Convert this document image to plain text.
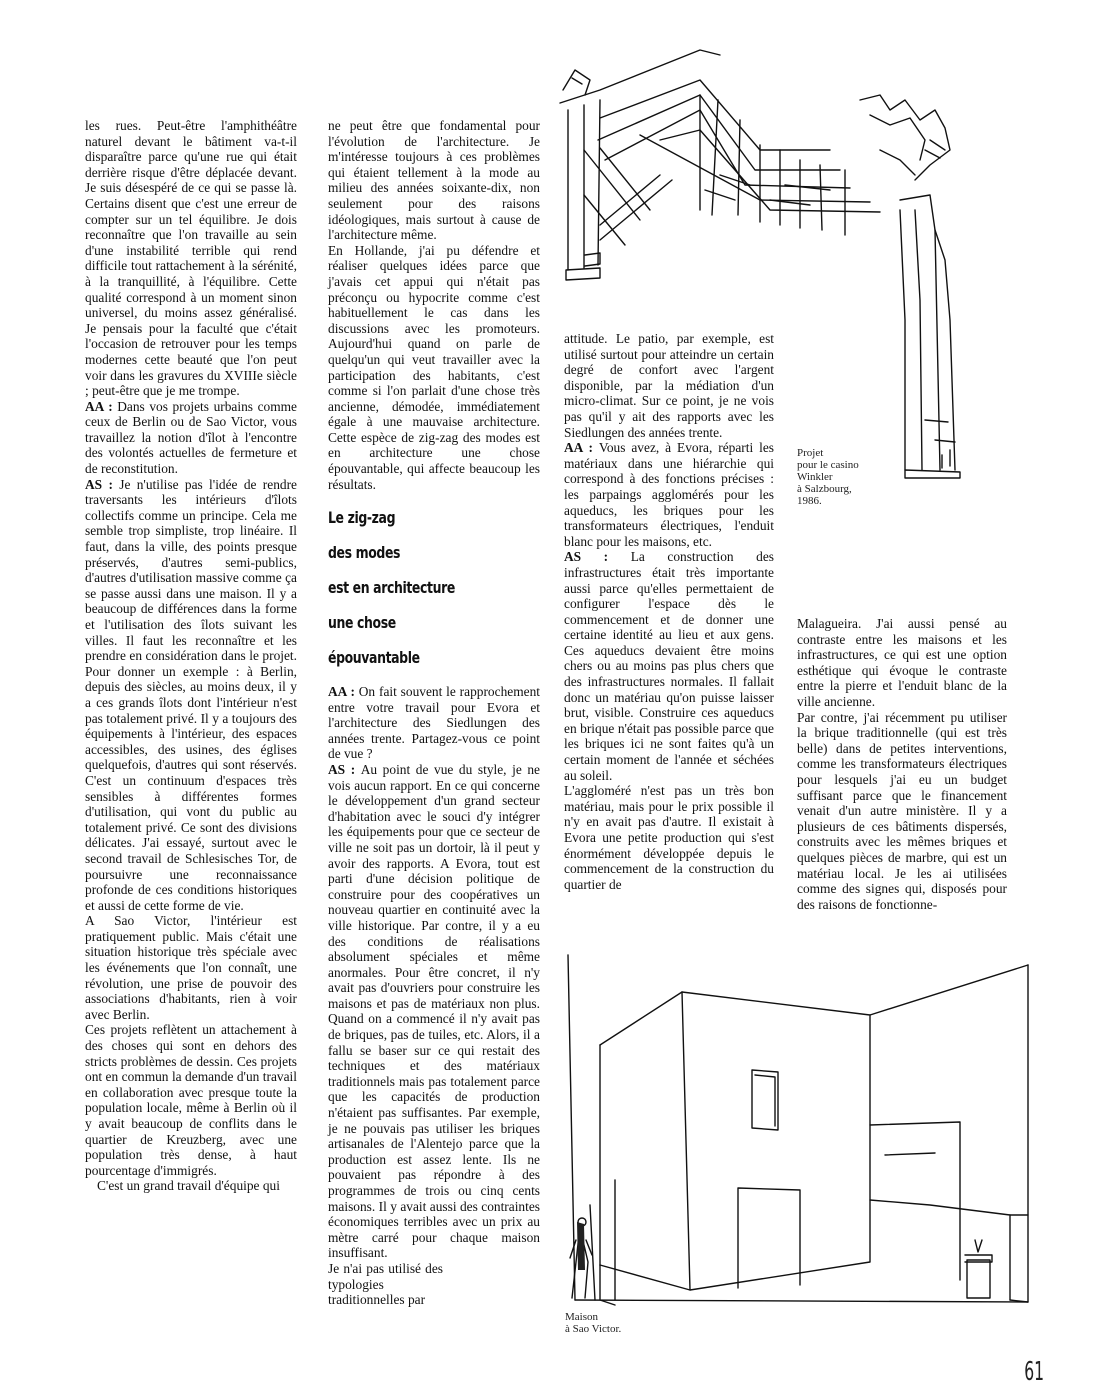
les rues. Peut-être l'amphithéâtre naturel devant le bâtiment va-t-il disparaître parce qu'une rue qui était derrière risque d'être déplacée devant. Je suis désespéré de ce qui se passe là. Certains disent que c'est une erreur de compter sur un tel équilibre. Je dois reconnaître que l'on travaille au sein d'une instabilité terrible qui rend difficile tout rattachement à la sérénité, à la tranquillité, à l'équilibre. Cette qualité correspond à un moment sinon universel, du moins assez généralisé. Je pensais pour la faculté que c'était l'occasion de retrouver pour les temps modernes cette beauté que l'on peut voir dans les gravures du XVIIIe siècle ; peut-être que je me trompe.

AA : Dans vos projets urbains comme ceux de Berlin ou de Sao Victor, vous travaillez la notion d'îlot à l'encontre des volontés actuelles de fermeture et de reconstitution.

AS : Je n'utilise pas l'idée de rendre traversants les intérieurs d'îlots collectifs comme un principe. Cela me semble trop simpliste, trop linéaire. Il faut, dans la ville, des points presque préservés, d'autres semi-publics, d'autres d'utilisation massive comme ça se passe aussi dans une maison. Il y a beaucoup de différences dans la forme et l'utilisation des îlots suivant les villes. Il faut les reconnaître et les prendre en considération dans le projet. Pour donner un exemple : à Berlin, depuis des siècles, au moins deux, il y a ces grands îlots dont l'intérieur n'est pas totalement privé. Il y a toujours des équipements à l'intérieur, des espaces accessibles, des usines, des églises quelquefois, d'autres qui sont réservés. C'est un continuum d'espaces très sensibles à différentes formes d'utilisation, qui vont du public au totalement privé. Ce sont des divisions délicates. J'ai essayé, surtout avec le second travail de Schlesisches Tor, de poursuivre une reconnaissance profonde de ces conditions historiques et aussi de cette forme de vie.

A Sao Victor, l'intérieur est pratiquement public. Mais c'était une situation historique très spéciale avec les événements que l'on connaît, une révolution, une prise de pouvoir des associations d'habitants, rien à voir avec Berlin.

Ces projets reflètent un attachement à des choses qui sont en dehors des stricts problèmes de dessin. Ces projets ont en commun la demande d'un travail en collaboration avec presque toute la population locale, même à Berlin où il y avait beaucoup de conflits dans le quartier de Kreuzberg, avec une population très dense, à haut pourcentage d'immigrés.

C'est un grand travail d'équipe qui

ne peut être que fondamental pour l'évolution de l'architecture. Je m'intéresse toujours à ces problèmes qui étaient tellement à la mode au milieu des années soixante-dix, non seulement pour des raisons idéologiques, mais surtout à cause de l'architecture même.

En Hollande, j'ai pu défendre et réaliser quelques idées parce que j'avais cet appui qui n'était pas préconçu ou hypocrite comme c'est habituellement le cas dans les discussions avec les promoteurs. Aujourd'hui quand on parle de quelqu'un qui veut travailler avec la participation des habitants, c'est comme si l'on parlait d'une chose très ancienne, démodée, immédiatement égale à une mauvaise architecture. Cette espèce de zig-zag des modes est en architecture une chose épouvantable, qui affecte beaucoup les résultats.

Le zig-zag
des modes
est en architecture
une chose
épouvantable

AA : On fait souvent le rapprochement entre votre travail pour Evora et l'architecture des Siedlungen des années trente. Partagez-vous ce point de vue ?

AS : Au point de vue du style, je ne vois aucun rapport. En ce qui concerne le développement d'un grand secteur d'habitation avec le souci d'y intégrer les équipements pour que ce secteur de ville ne soit pas un dortoir, là il peut y avoir des rapports. A Evora, tout est parti d'une décision politique de construire pour des coopératives un nouveau quartier en continuité avec la ville historique. Par contre, il y a eu des conditions de réalisations absolument spéciales et même anormales. Pour être concret, il n'y avait pas d'ouvriers pour construire les maisons et pas de matériaux non plus. Quand on a commencé il n'y avait pas de briques, pas de tuiles, etc. Alors, il a fallu se baser sur ce qui restait des techniques et des matériaux traditionnels mais pas totalement parce que les capacités de production n'étaient pas suffisantes. Par exemple, je ne pouvais pas utiliser les briques artisanales de l'Alentejo parce que la production est assez lente. Ils ne pouvaient pas répondre à des programmes de trois ou cinq cents maisons. Il y avait aussi des contraintes économiques terribles avec un prix au mètre carré pour chaque maison insuffisant.

Je n'ai pas utilisé des typologies traditionnelles par

attitude. Le patio, par exemple, est utilisé surtout pour atteindre un certain degré de confort avec l'argent disponible, par la médiation d'un micro-climat. Sur ce point, je ne vois pas qu'il y ait des rapports avec les Siedlungen des années trente.

AA : Vous avez, à Evora, réparti les matériaux dans une hiérarchie qui correspond à des fonctions précises : les parpaings agglomérés pour les aqueducs, les briques pour les transformateurs électriques, l'enduit blanc pour les maisons, etc.

AS : La construction des infrastructures était très importante aussi parce qu'elles permettaient de configurer l'espace dès le commencement et de donner une certaine identité au lieu et aux gens. Ces aqueducs devaient être moins chers ou au moins pas plus chers que des infrastructures normales. Il fallait donc un matériau qu'on puisse laisser brut, visible. Construire ces aqueducs en brique n'était pas possible parce que les briques ici ne sont faites qu'à un certain moment de l'année et séchées au soleil.

L'aggloméré n'est pas un très bon matériau, mais pour le prix possible il n'y en avait pas d'autre. Il existait à Evora une petite production qui s'est énormément développée depuis le commencement de la construction du quartier de

Malagueira. J'ai aussi pensé au contraste entre les maisons et les infrastructures, ce qui est une option esthétique qui évoque le contraste entre la pierre et l'enduit blanc de la ville ancienne.

Par contre, j'ai récemment pu utiliser la brique traditionnelle (qui est très belle) dans de petites interventions, comme les transformateurs électriques pour lesquels j'ai eu un budget suffisant parce que le financement venait d'un autre ministère. Il y a plusieurs de ces bâtiments dispersés, construits avec les mêmes briques et quelques pièces de marbre, qui est un matériau local. Je les ai utilisées comme des signes qui, disposés pour des raisons de fonctionne-

Projet
pour le casino
Winkler
à Salzbourg,
1986.
Maison
à Sao Victor.
61
